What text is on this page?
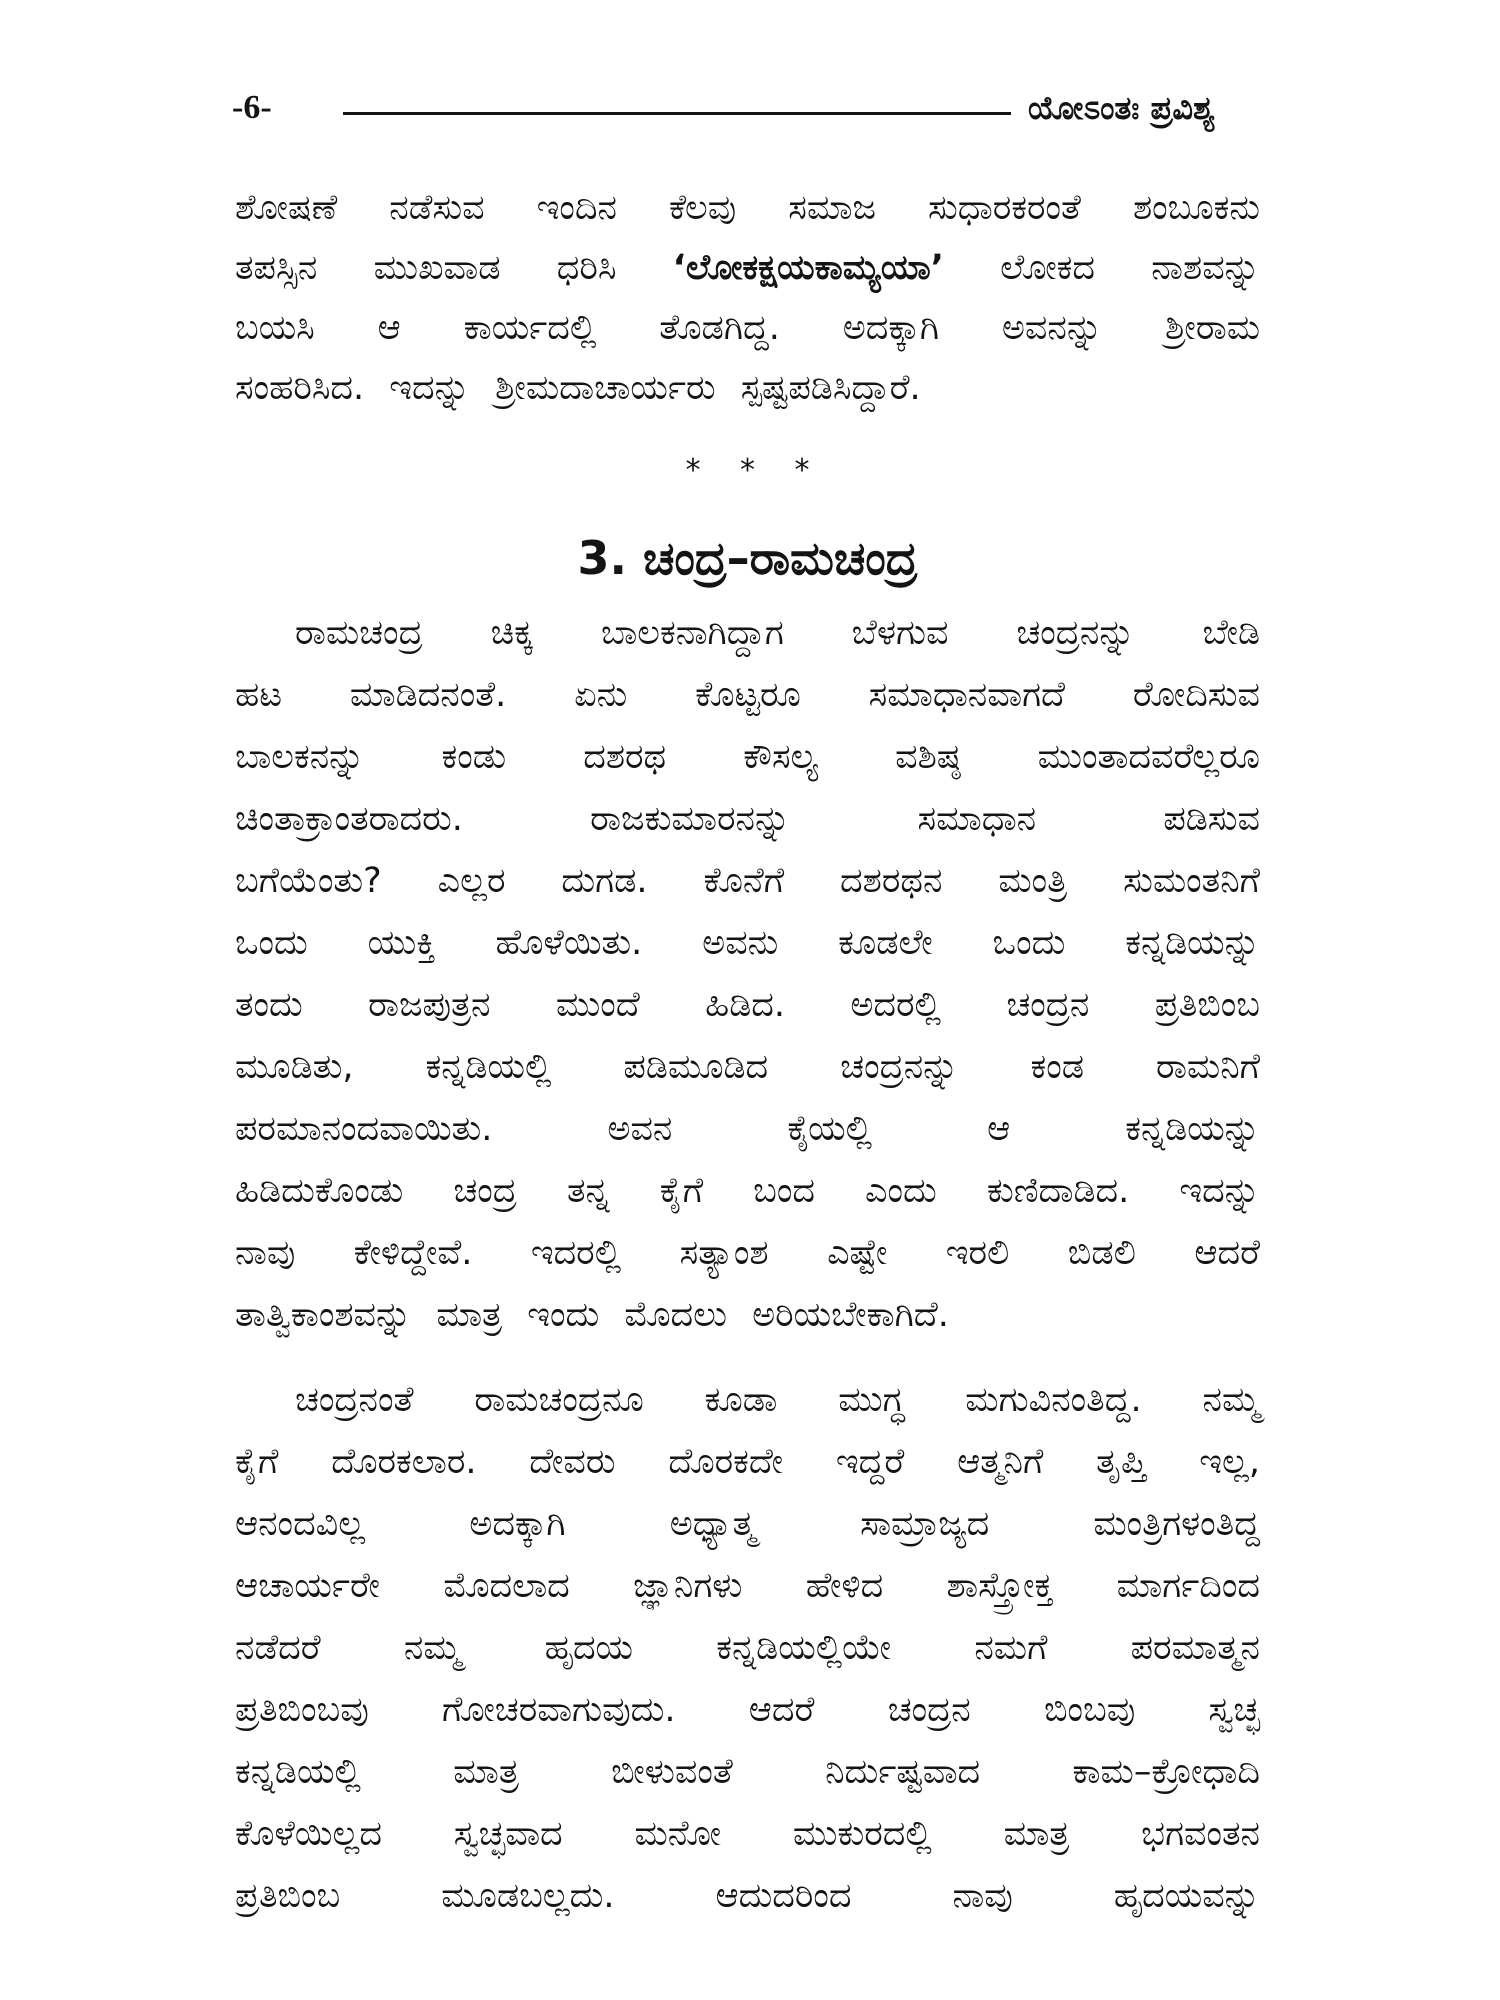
-6-	ಯೋಽಂತಃ ಪ್ರವಿಶ್ಯ
ಶೋಷಣೆ ನಡೆಸುವ ಇಂದಿನ ಕೆಲವು ಸಮಾಜ ಸುಧಾರಕರಂತೆ ಶಂಬೂಕನು
ತಪಸ್ಸಿನ ಮುಖವಾಡ ಧರಿಸಿ ‘ಲೋಕಕ್ಷಯಕಾಮ್ಯಯಾ’ ಲೋಕದ ನಾಶವನ್ನು
ಬಯಸಿ ಆ ಕಾರ್ಯದಲ್ಲಿ ತೊಡಗಿದ್ದ. ಅದಕ್ಕಾಗಿ ಅವನನ್ನು ಶ್ರೀರಾಮ
ಸಂಹರಿಸಿದ. ಇದನ್ನು ಶ್ರೀಮದಾಚಾರ್ಯರು ಸ್ಪಷ್ಟಪಡಿಸಿದ್ದಾರೆ.
* * *
3. ಚಂದ್ರ–ರಾಮಚಂದ್ರ
ರಾಮಚಂದ್ರ ಚಿಕ್ಕ ಬಾಲಕನಾಗಿದ್ದಾಗ ಬೆಳಗುವ ಚಂದ್ರನನ್ನು ಬೇಡಿ
ಹಟ ಮಾಡಿದನಂತೆ. ಏನು ಕೊಟ್ಟರೂ ಸಮಾಧಾನವಾಗದೆ ರೋದಿಸುವ
ಬಾಲಕನನ್ನು ಕಂಡು ದಶರಥ ಕೌಸಲ್ಯ ವಶಿಷ್ಠ ಮುಂತಾದವರೆಲ್ಲರೂ
ಚಿಂತಾಕ್ರಾಂತರಾದರು. ರಾಜಕುಮಾರನನ್ನು ಸಮಾಧಾನ ಪಡಿಸುವ
ಬಗೆಯೆಂತು? ಎಲ್ಲರ ದುಗಡ. ಕೊನೆಗೆ ದಶರಥನ ಮಂತ್ರಿ ಸುಮಂತನಿಗೆ
ಒಂದು ಯುಕ್ತಿ ಹೊಳೆಯಿತು. ಅವನು ಕೂಡಲೇ ಒಂದು ಕನ್ನಡಿಯನ್ನು
ತಂದು ರಾಜಪುತ್ರನ ಮುಂದೆ ಹಿಡಿದ. ಅದರಲ್ಲಿ ಚಂದ್ರನ ಪ್ರತಿಬಿಂಬ
ಮೂಡಿತು, ಕನ್ನಡಿಯಲ್ಲಿ ಪಡಿಮೂಡಿದ ಚಂದ್ರನನ್ನು ಕಂಡ ರಾಮನಿಗೆ
ಪರಮಾನಂದವಾಯಿತು. ಅವನ ಕೈಯಲ್ಲಿ ಆ ಕನ್ನಡಿಯನ್ನು
ಹಿಡಿದುಕೊಂಡು ಚಂದ್ರ ತನ್ನ ಕೈಗೆ ಬಂದ ಎಂದು ಕುಣಿದಾಡಿದ. ಇದನ್ನು
ನಾವು ಕೇಳಿದ್ದೇವೆ. ಇದರಲ್ಲಿ ಸತ್ಯಾಂಶ ಎಷ್ಟೇ ಇರಲಿ ಬಿಡಲಿ ಆದರೆ
ತಾತ್ವಿಕಾಂಶವನ್ನು ಮಾತ್ರ ಇಂದು ಮೊದಲು ಅರಿಯಬೇಕಾಗಿದೆ.
ಚಂದ್ರನಂತೆ ರಾಮಚಂದ್ರನೂ ಕೂಡಾ ಮುಗ್ಧ ಮಗುವಿನಂತಿದ್ದ. ನಮ್ಮ
ಕೈಗೆ ದೊರಕಲಾರ. ದೇವರು ದೊರಕದೇ ಇದ್ದರೆ ಆತ್ಮನಿಗೆ ತೃಪ್ತಿ ಇಲ್ಲ,
ಆನಂದವಿಲ್ಲ ಅದಕ್ಕಾಗಿ ಅಧ್ಯಾತ್ಮ ಸಾಮ್ರಾಜ್ಯದ ಮಂತ್ರಿಗಳಂತಿದ್ದ
ಆಚಾರ್ಯರೇ ಮೊದಲಾದ ಜ್ಞಾನಿಗಳು ಹೇಳಿದ ಶಾಸ್ತ್ರೋಕ್ತ ಮಾರ್ಗದಿಂದ
ನಡೆದರೆ ನಮ್ಮ ಹೃದಯ ಕನ್ನಡಿಯಲ್ಲಿಯೇ ನಮಗೆ ಪರಮಾತ್ಮನ
ಪ್ರತಿಬಿಂಬವು ಗೋಚರವಾಗುವುದು. ಆದರೆ ಚಂದ್ರನ ಬಿಂಬವು ಸ್ವಚ್ಛ
ಕನ್ನಡಿಯಲ್ಲಿ ಮಾತ್ರ ಬೀಳುವಂತೆ ನಿರ್ದುಷ್ಟವಾದ ಕಾಮ–ಕ್ರೋಧಾದಿ
ಕೊಳೆಯಿಲ್ಲದ ಸ್ವಚ್ಛವಾದ ಮನೋ ಮುಕುರದಲ್ಲಿ ಮಾತ್ರ ಭಗವಂತನ
ಪ್ರತಿಬಿಂಬ ಮೂಡಬಲ್ಲದು. ಆದುದರಿಂದ ನಾವು ಹೃದಯವನ್ನು
